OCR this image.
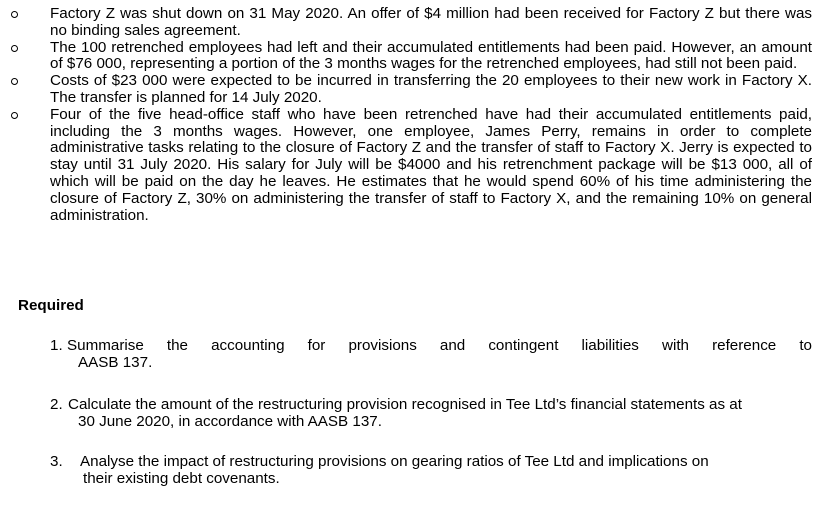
Factory Z was shut down on 31 May 2020. An offer of $4 million had been received for Factory Z but there was no binding sales agreement.
The 100 retrenched employees had left and their accumulated entitlements had been paid. However, an amount of $76 000, representing a portion of the 3 months wages for the retrenched employees, had still not been paid.
Costs of $23 000 were expected to be incurred in transferring the 20 employees to their new work in Factory X. The transfer is planned for 14 July 2020.
Four of the five head-office staff who have been retrenched have had their accumulated entitlements paid, including the 3 months wages. However, one employee, James Perry, remains in order to complete administrative tasks relating to the closure of Factory Z and the transfer of staff to Factory X. Jerry is expected to stay until 31 July 2020. His salary for July will be $4000 and his retrenchment package will be $13 000, all of which will be paid on the day he leaves. He estimates that he would spend 60% of his time administering the closure of Factory Z, 30% on administering the transfer of staff to Factory X, and the remaining 10% on general administration.
Required
1. Summarise the accounting for provisions and contingent liabilities with reference to
AASB 137.
2. Calculate the amount of the restructuring provision recognised in Tee Ltd’s financial statements as at
30 June 2020, in accordance with AASB 137.
3. Analyse the impact of restructuring provisions on gearing ratios of Tee Ltd and implications on
their existing debt covenants.
